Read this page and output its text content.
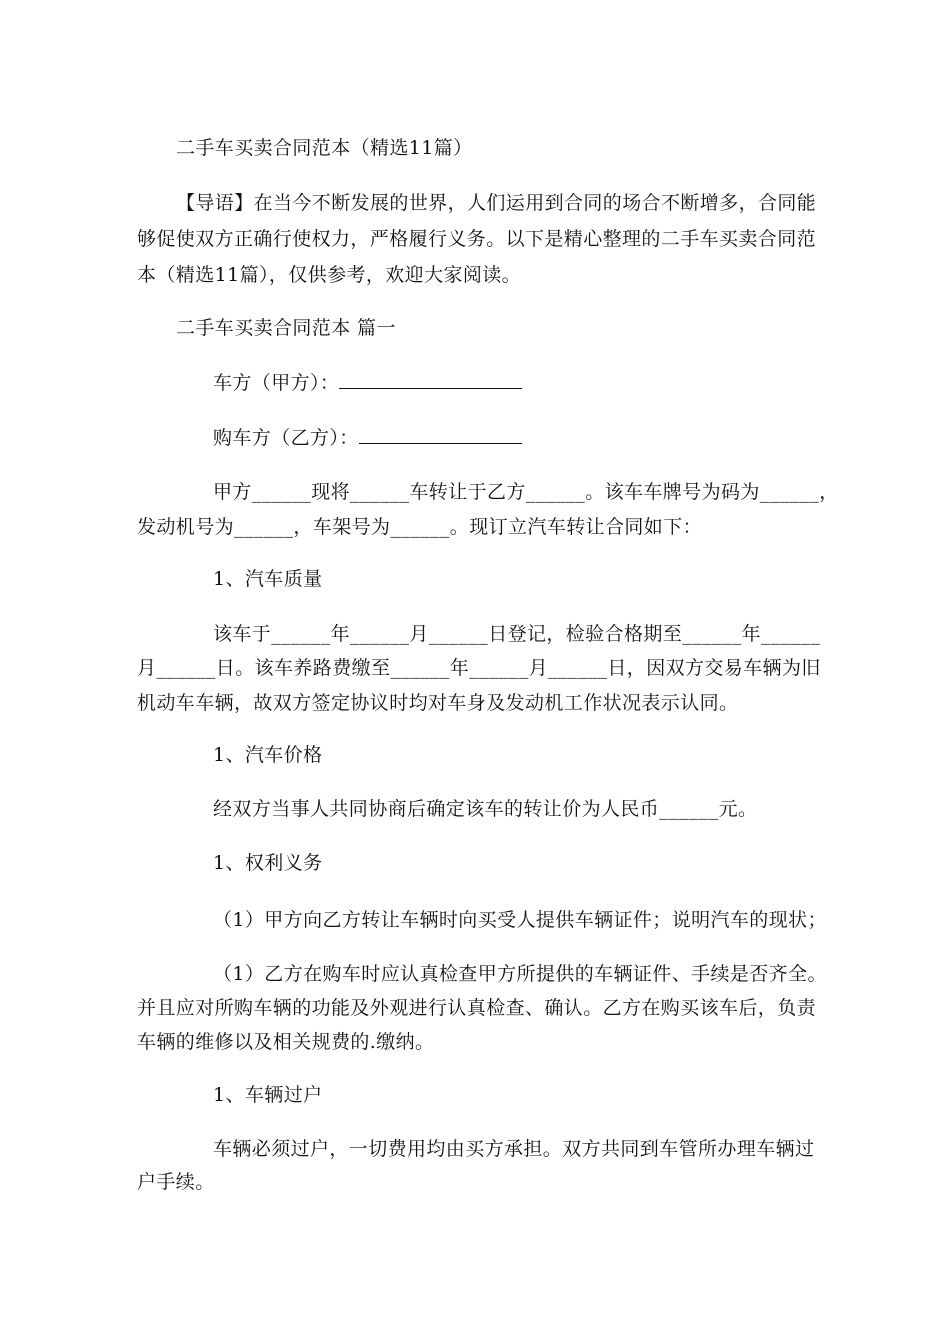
二手车买卖合同范本（精选11篇）
【导语】在当今不断发展的世界，人们运用到合同的场合不断增多，合同能
够促使双方正确行使权力，严格履行义务。以下是精心整理的二手车买卖合同范
本（精选11篇），仅供参考，欢迎大家阅读。
二手车买卖合同范本 篇一
车方（甲方）：
购车方（乙方）：
甲方______现将______车转让于乙方______。该车车牌号为码为______，
发动机号为______，车架号为______。现订立汽车转让合同如下：
1、汽车质量
该车于______年______月______日登记，检验合格期至______年______
月______日。该车养路费缴至______年______月______日，因双方交易车辆为旧
机动车车辆，故双方签定协议时均对车身及发动机工作状况表示认同。
1、汽车价格
经双方当事人共同协商后确定该车的转让价为人民币______元。
1、权利义务
（1）甲方向乙方转让车辆时向买受人提供车辆证件；说明汽车的现状；
（1）乙方在购车时应认真检查甲方所提供的车辆证件、手续是否齐全。
并且应对所购车辆的功能及外观进行认真检查、确认。乙方在购买该车后，负责
车辆的维修以及相关规费的.缴纳。
1、车辆过户
车辆必须过户，一切费用均由买方承担。双方共同到车管所办理车辆过
户手续。
